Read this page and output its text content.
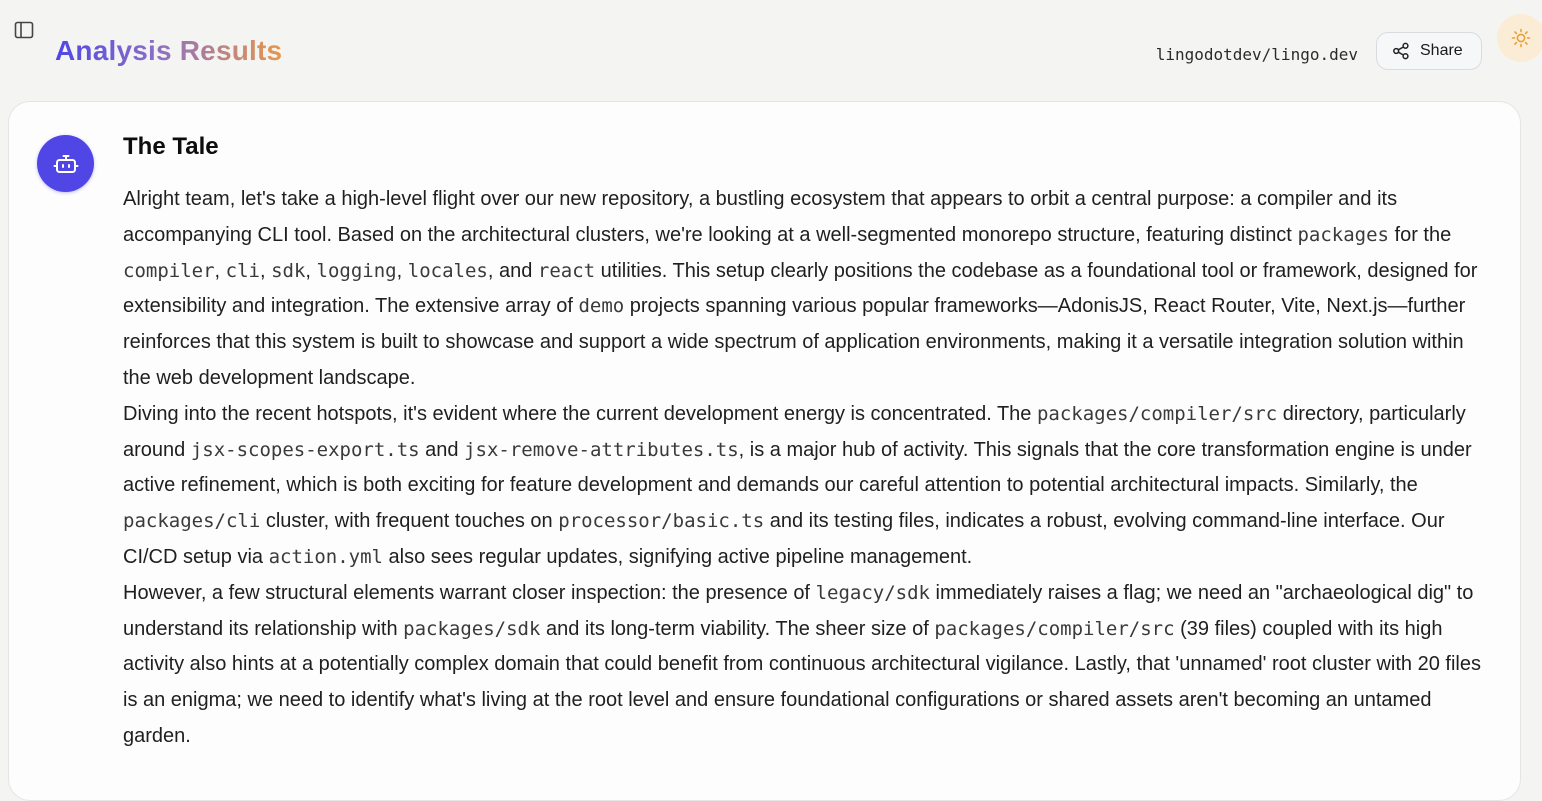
Analysis Results	lingodotdev/lingo.dev	Share
The Tale

Alright team, let's take a high-level flight over our new repository, a bustling ecosystem that appears to orbit a central purpose: a compiler and its accompanying CLI tool. Based on the architectural clusters, we're looking at a well-segmented monorepo structure, featuring distinct packages for the compiler, cli, sdk, logging, locales, and react utilities. This setup clearly positions the codebase as a foundational tool or framework, designed for extensibility and integration. The extensive array of demo projects spanning various popular frameworks—AdonisJS, React Router, Vite, Next.js—further reinforces that this system is built to showcase and support a wide spectrum of application environments, making it a versatile integration solution within the web development landscape.

Diving into the recent hotspots, it's evident where the current development energy is concentrated. The packages/compiler/src directory, particularly around jsx-scopes-export.ts and jsx-remove-attributes.ts, is a major hub of activity. This signals that the core transformation engine is under active refinement, which is both exciting for feature development and demands our careful attention to potential architectural impacts. Similarly, the packages/cli cluster, with frequent touches on processor/basic.ts and its testing files, indicates a robust, evolving command-line interface. Our CI/CD setup via action.yml also sees regular updates, signifying active pipeline management.

However, a few structural elements warrant closer inspection: the presence of legacy/sdk immediately raises a flag; we need an "archaeological dig" to understand its relationship with packages/sdk and its long-term viability. The sheer size of packages/compiler/src (39 files) coupled with its high activity also hints at a potentially complex domain that could benefit from continuous architectural vigilance. Lastly, that 'unnamed' root cluster with 20 files is an enigma; we need to identify what's living at the root level and ensure foundational configurations or shared assets aren't becoming an untamed garden.
